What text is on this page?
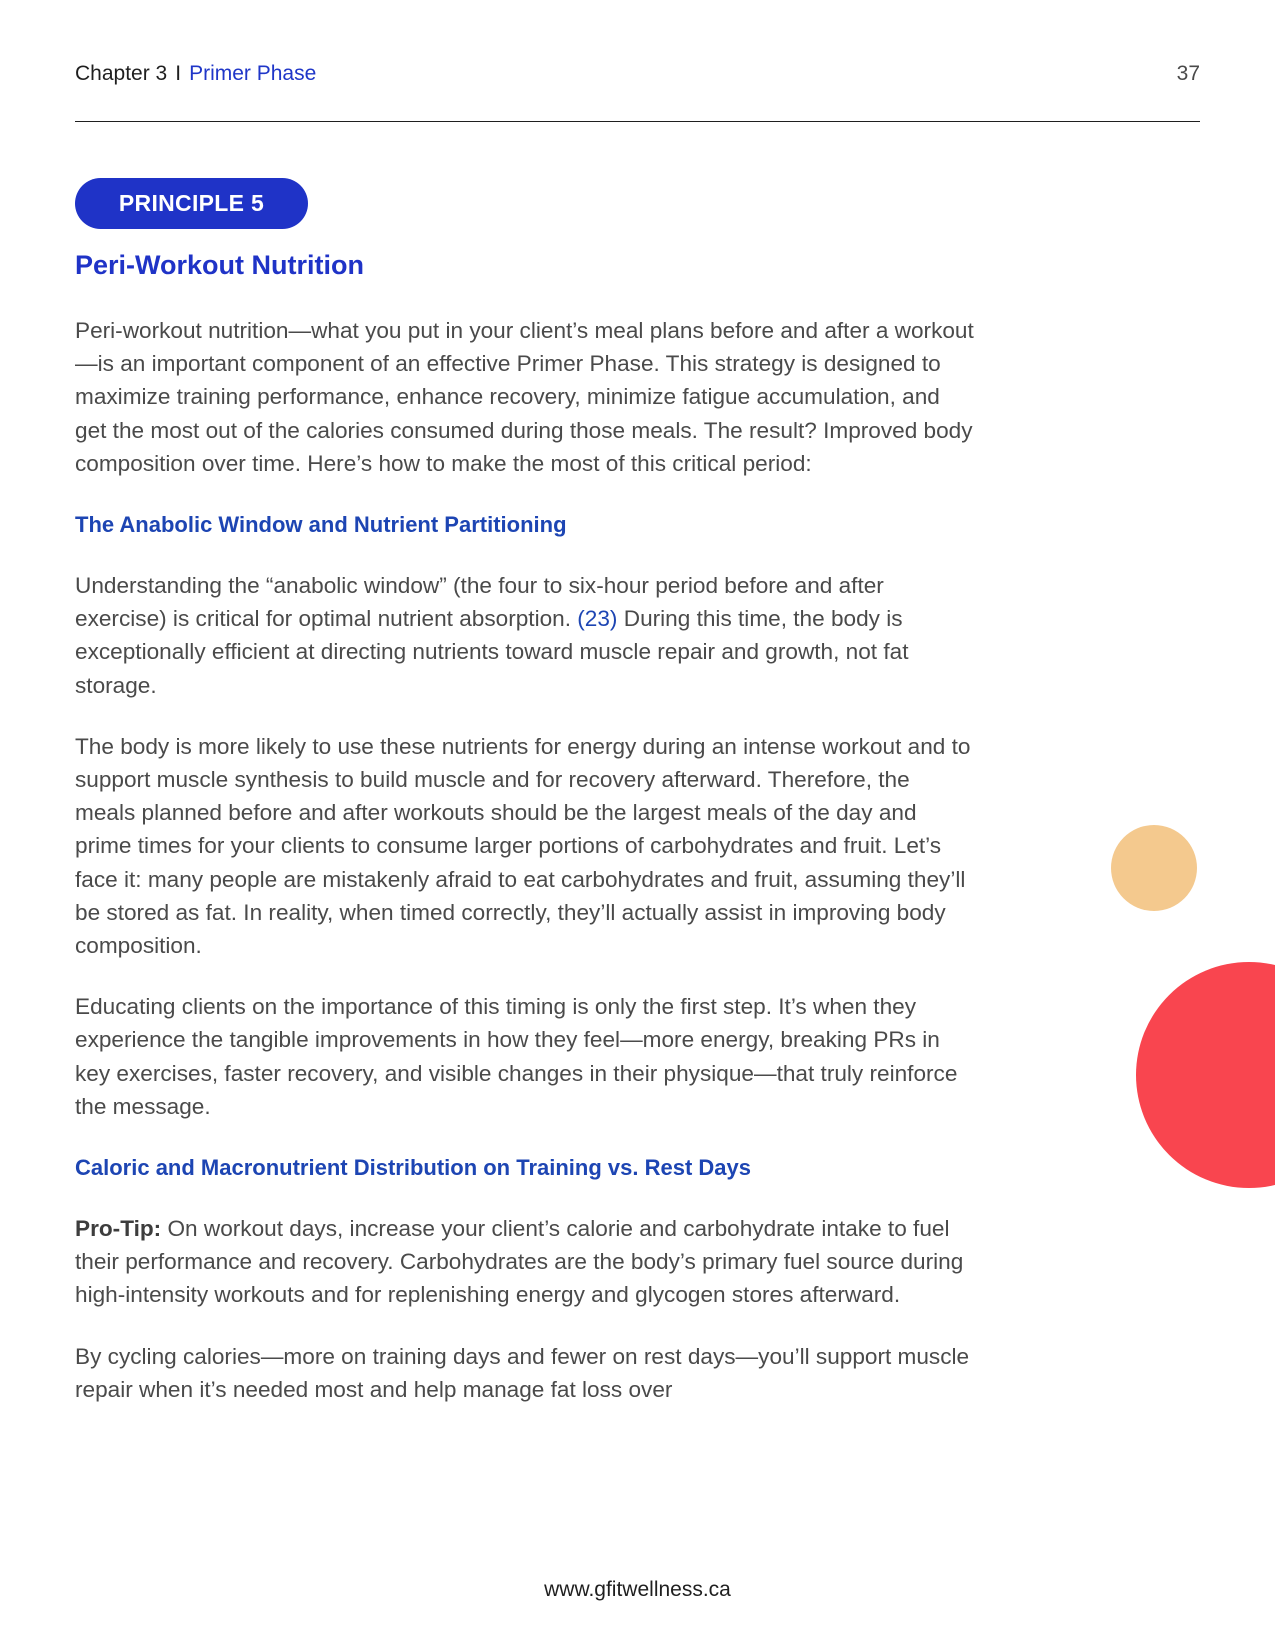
Chapter 3 I Primer Phase	37
PRINCIPLE 5
Peri-Workout Nutrition

Peri-workout nutrition—what you put in your client’s meal plans before and after a workout—is an important component of an effective Primer Phase. This strategy is designed to maximize training performance, enhance recovery, minimize fatigue accumulation, and get the most out of the calories consumed during those meals. The result? Improved body composition over time. Here’s how to make the most of this critical period:

The Anabolic Window and Nutrient Partitioning

Understanding the “anabolic window” (the four to six-hour period before and after exercise) is critical for optimal nutrient absorption. (23) During this time, the body is exceptionally efficient at directing nutrients toward muscle repair and growth, not fat storage.

The body is more likely to use these nutrients for energy during an intense workout and to support muscle synthesis to build muscle and for recovery afterward. Therefore, the meals planned before and after workouts should be the largest meals of the day and prime times for your clients to consume larger portions of carbohydrates and fruit. Let’s face it: many people are mistakenly afraid to eat carbohydrates and fruit, assuming they’ll be stored as fat. In reality, when timed correctly, they’ll actually assist in improving body composition.

Educating clients on the importance of this timing is only the first step. It’s when they experience the tangible improvements in how they feel—more energy, breaking PRs in key exercises, faster recovery, and visible changes in their physique—that truly reinforce the message.

Caloric and Macronutrient Distribution on Training vs. Rest Days

Pro-Tip: On workout days, increase your client’s calorie and carbohydrate intake to fuel their performance and recovery. Carbohydrates are the body’s primary fuel source during high-intensity workouts and for replenishing energy and glycogen stores afterward.

By cycling calories—more on training days and fewer on rest days—you’ll support muscle repair when it’s needed most and help manage fat loss over

www.gfitwellness.ca
